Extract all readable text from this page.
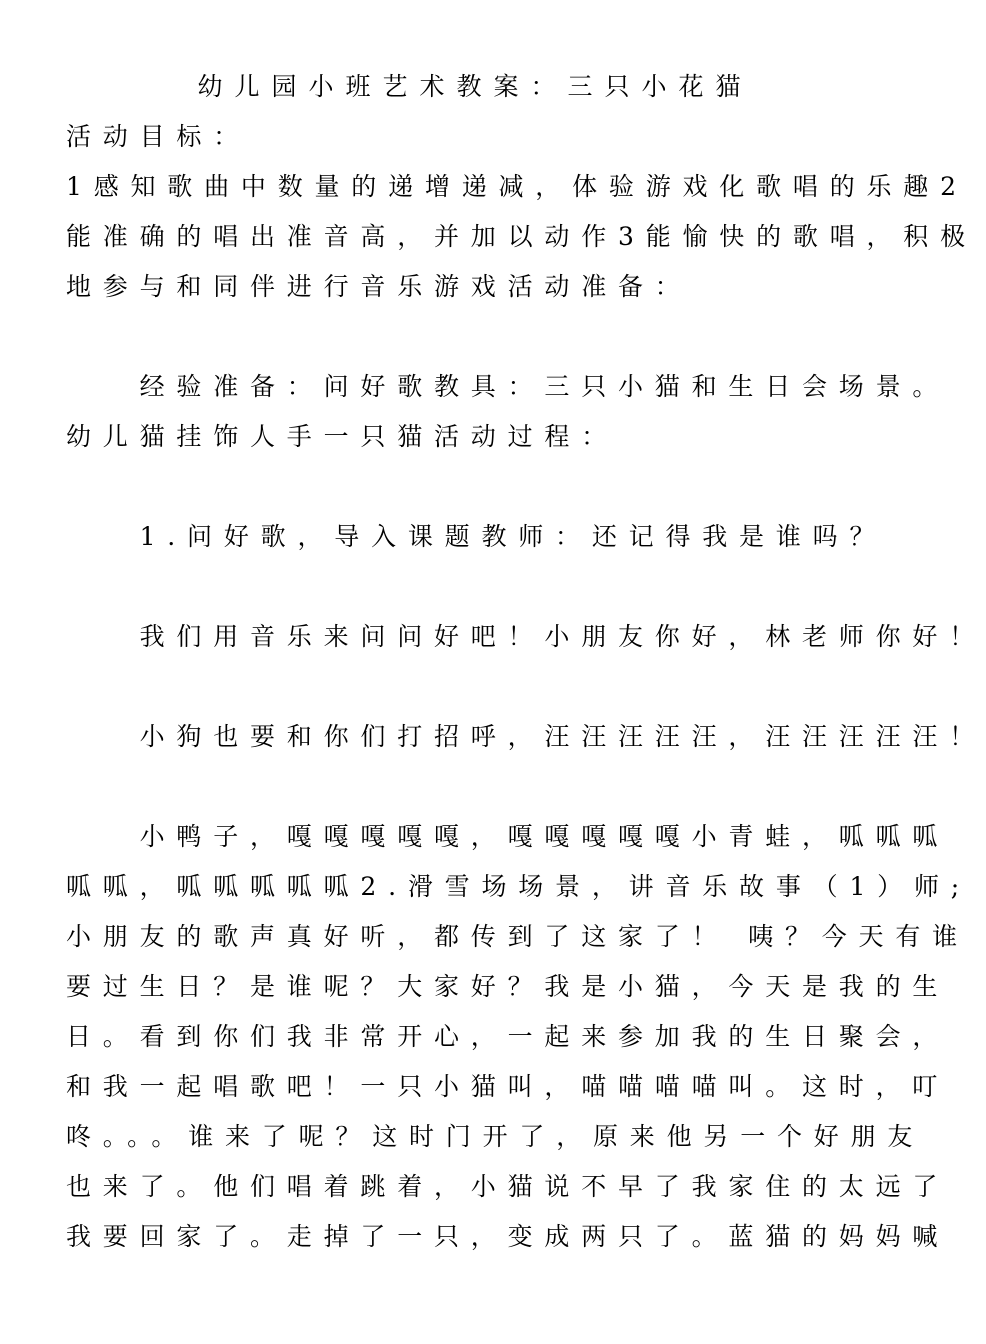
幼儿园小班艺术教案：三只小花猫
活动目标：
1感知歌曲中数量的递增递减，体验游戏化歌唱的乐趣2
能准确的唱出准音高，并加以动作3能愉快的歌唱，积极
地参与和同伴进行音乐游戏活动准备：
　　经验准备：问好歌教具：三只小猫和生日会场景。
幼儿猫挂饰人手一只猫活动过程：
　　1.问好歌，导入课题教师：还记得我是谁吗？
　　我们用音乐来问问好吧！小朋友你好，林老师你好！
　　小狗也要和你们打招呼，汪汪汪汪汪，汪汪汪汪汪！
　　小鸭子，嘎嘎嘎嘎嘎，嘎嘎嘎嘎嘎小青蛙，呱呱呱
呱呱，呱呱呱呱呱2.滑雪场场景，讲音乐故事（1）师;
小朋友的歌声真好听，都传到了这家了！ 咦？今天有谁
要过生日？是谁呢？大家好？我是小猫，今天是我的生
日。看到你们我非常开心，一起来参加我的生日聚会，
和我一起唱歌吧！一只小猫叫，喵喵喵喵叫。这时，叮
咚。。。谁来了呢？这时门开了，原来他另一个好朋友
也来了。他们唱着跳着，小猫说不早了我家住的太远了
我要回家了。走掉了一只，变成两只了。蓝猫的妈妈喊
